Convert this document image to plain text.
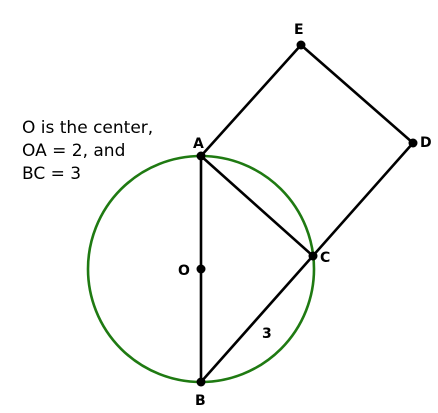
O is the center,
OA = 2, and
BC = 3
A
B
C
D
E
O
3
